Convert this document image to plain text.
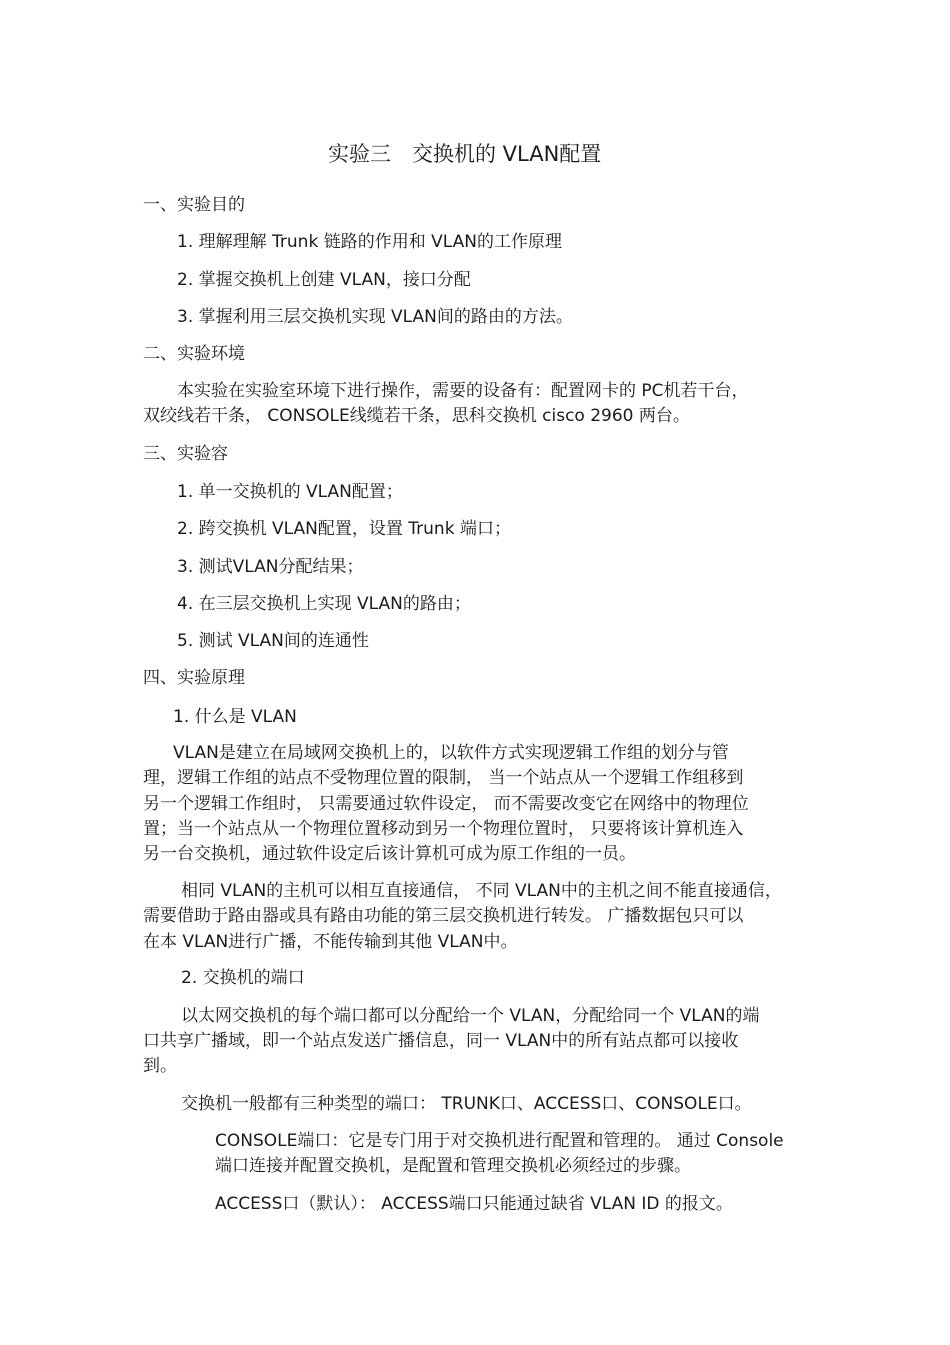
实验三　交换机的 VLAN配置
一、实验目的
1. 理解理解 Trunk 链路的作用和 VLAN的工作原理
2. 掌握交换机上创建 VLAN，接口分配
3. 掌握利用三层交换机实现 VLAN间的路由的方法。
二、实验环境
本实验在实验室环境下进行操作，需要的设备有：配置网卡的 PC机若干台，
双绞线若干条， CONSOLE线缆若干条，思科交换机 cisco 2960 两台。
三、实验容
1. 单一交换机的 VLAN配置；
2. 跨交换机 VLAN配置，设置 Trunk 端口；
3. 测试VLAN分配结果；
4. 在三层交换机上实现 VLAN的路由；
5. 测试 VLAN间的连通性
四、实验原理
1. 什么是 VLAN
VLAN是建立在局域网交换机上的，以软件方式实现逻辑工作组的划分与管
理，逻辑工作组的站点不受物理位置的限制， 当一个站点从一个逻辑工作组移到
另一个逻辑工作组时， 只需要通过软件设定， 而不需要改变它在网络中的物理位
置；当一个站点从一个物理位置移动到另一个物理位置时， 只要将该计算机连入
另一台交换机，通过软件设定后该计算机可成为原工作组的一员。
相同 VLAN的主机可以相互直接通信， 不同 VLAN中的主机之间不能直接通信，
需要借助于路由器或具有路由功能的第三层交换机进行转发。 广播数据包只可以
在本 VLAN进行广播，不能传输到其他 VLAN中。
2. 交换机的端口
以太网交换机的每个端口都可以分配给一个 VLAN，分配给同一个 VLAN的端
口共享广播域，即一个站点发送广播信息，同一 VLAN中的所有站点都可以接收
到。
交换机一般都有三种类型的端口： TRUNK口、ACCESS口、CONSOLE口。
CONSOLE端口：它是专门用于对交换机进行配置和管理的。 通过 Console
端口连接并配置交换机，是配置和管理交换机必须经过的步骤。
ACCESS口（默认）： ACCESS端口只能通过缺省 VLAN ID 的报文。
